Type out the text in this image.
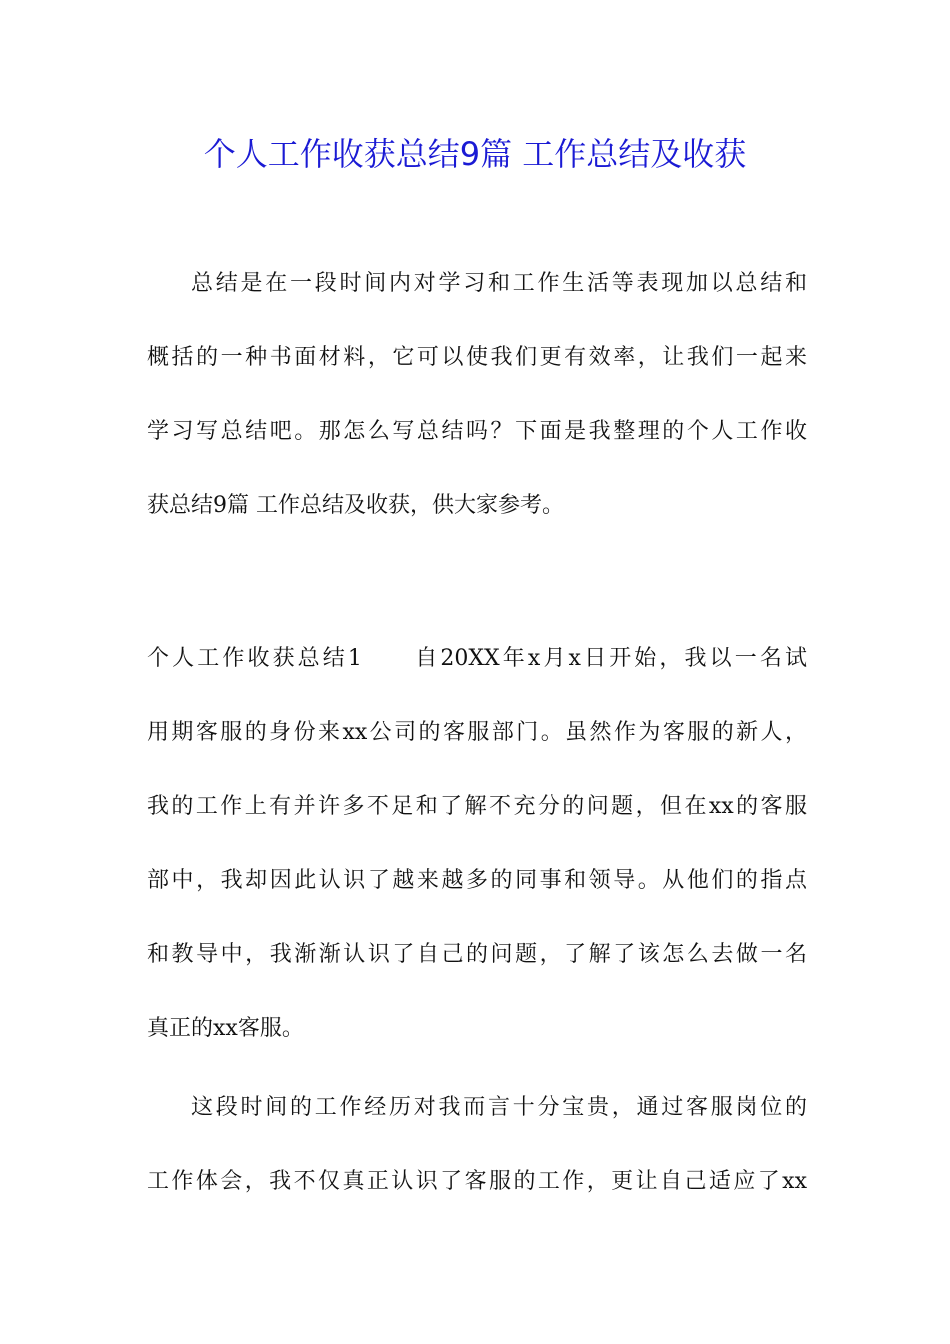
个人工作收获总结9篇 工作总结及收获
总结是在一段时间内对学习和工作生活等表现加以总结和
概括的一种书面材料，它可以使我们更有效率，让我们一起来
学习写总结吧。那怎么写总结吗？下面是我整理的个人工作收
获总结9篇 工作总结及收获，供大家参考。
个人工作收获总结1　　自20XX年x月x日开始，我以一名试
用期客服的身份来xx公司的客服部门。虽然作为客服的新人，
我的工作上有并许多不足和了解不充分的问题，但在xx的客服
部中，我却因此认识了越来越多的同事和领导。从他们的指点
和教导中，我渐渐认识了自己的问题，了解了该怎么去做一名
真正的xx客服。
这段时间的工作经历对我而言十分宝贵，通过客服岗位的
工作体会，我不仅真正认识了客服的工作，更让自己适应了xx
